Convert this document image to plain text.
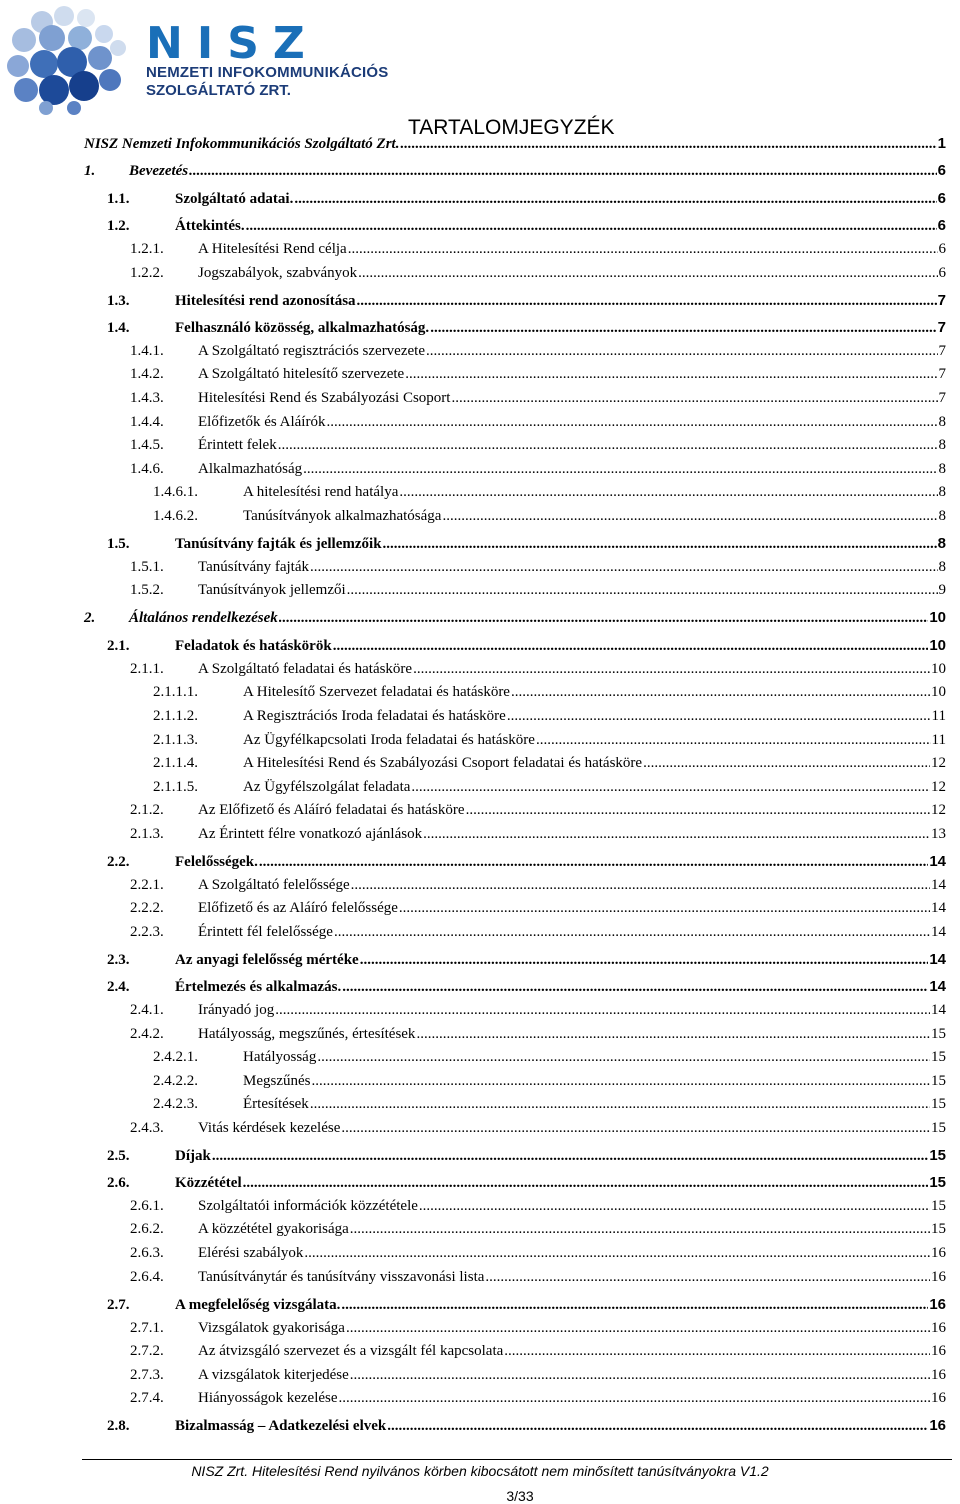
NISZ
NEMZETI INFOKOMMUNIKÁCIÓS
SZOLGÁLTATÓ ZRT.
TARTALOMJEGYZÉK
NISZ Nemzeti Infokommunikációs Szolgáltató Zrt. .....	1
1.	Bevezetés .....	6
1.1.	Szolgáltató adatai. .....	6
1.2.	Áttekintés. .....	6
1.2.1.	A Hitelesítési Rend célja .....	6
1.2.2.	Jogszabályok, szabványok .....	6
1.3.	Hitelesítési rend azonosítása .....	7
1.4.	Felhasználó közösség, alkalmazhatóság. .....	7
1.4.1.	A Szolgáltató regisztrációs szervezete .....	7
1.4.2.	A Szolgáltató hitelesítő szervezete .....	7
1.4.3.	Hitelesítési Rend és Szabályozási Csoport .....	7
1.4.4.	Előfizetők és Aláírók .....	8
1.4.5.	Érintett felek .....	8
1.4.6.	Alkalmazhatóság .....	8
1.4.6.1.	A hitelesítési rend hatálya .....	8
1.4.6.2.	Tanúsítványok alkalmazhatósága .....	8
1.5.	Tanúsítvány fajták és jellemzőik .....	8
1.5.1.	Tanúsítvány fajták .....	8
1.5.2.	Tanúsítványok jellemzői .....	9
2.	Általános rendelkezések .....	10
2.1.	Feladatok és hatáskörök .....	10
2.1.1.	A Szolgáltató feladatai és hatásköre .....	10
2.1.1.1.	A Hitelesítő Szervezet feladatai és hatásköre .....	10
2.1.1.2.	A Regisztrációs Iroda feladatai és hatásköre .....	11
2.1.1.3.	Az Ügyfélkapcsolati Iroda feladatai és hatásköre .....	11
2.1.1.4.	A Hitelesítési Rend és Szabályozási Csoport feladatai és hatásköre .....	12
2.1.1.5.	Az Ügyfélszolgálat feladata .....	12
2.1.2.	Az Előfizető és Aláíró feladatai és hatásköre .....	12
2.1.3.	Az Érintett félre vonatkozó ajánlások .....	13
2.2.	Felelősségek. .....	14
2.2.1.	A Szolgáltató felelőssége .....	14
2.2.2.	Előfizető és az Aláíró felelőssége .....	14
2.2.3.	Érintett fél felelőssége .....	14
2.3.	Az anyagi felelősség mértéke .....	14
2.4.	Értelmezés és alkalmazás. .....	14
2.4.1.	Irányadó jog .....	14
2.4.2.	Hatályosság, megszűnés, értesítések .....	15
2.4.2.1.	Hatályosság .....	15
2.4.2.2.	Megszűnés .....	15
2.4.2.3.	Értesítések .....	15
2.4.3.	Vitás kérdések kezelése .....	15
2.5.	Díjak .....	15
2.6.	Közzététel .....	15
2.6.1.	Szolgáltatói információk közzététele .....	15
2.6.2.	A közzététel gyakorisága .....	15
2.6.3.	Elérési szabályok .....	16
2.6.4.	Tanúsítványtár és tanúsítvány visszavonási lista .....	16
2.7.	A megfelelőség vizsgálata. .....	16
2.7.1.	Vizsgálatok gyakorisága .....	16
2.7.2.	Az átvizsgáló szervezet és a vizsgált fél kapcsolata .....	16
2.7.3.	A vizsgálatok kiterjedése .....	16
2.7.4.	Hiányosságok kezelése .....	16
2.8.	Bizalmasság – Adatkezelési elvek .....	16
NISZ Zrt. Hitelesítési Rend nyilvános körben kibocsátott nem minősített tanúsítványokra V1.2
3/33
